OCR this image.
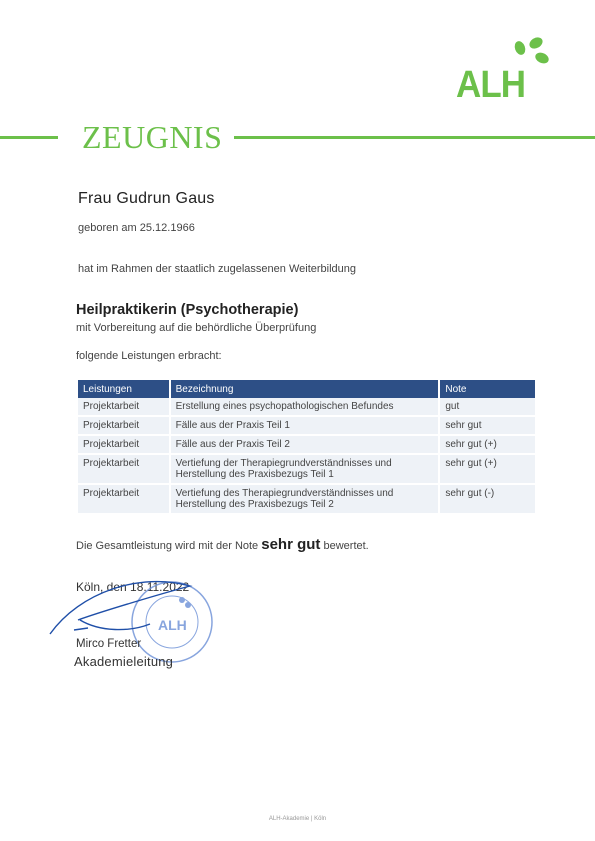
ALH
ZEUGNIS
Frau Gudrun Gaus
geboren am 25.12.1966
hat im Rahmen der staatlich zugelassenen Weiterbildung
Heilpraktikerin (Psychotherapie)
mit Vorbereitung auf die behördliche Überprüfung
folgende Leistungen erbracht:
Leistungen	Bezeichnung	Note
Projektarbeit	Erstellung eines psychopathologischen Befundes	gut
Projektarbeit	Fälle aus der Praxis Teil 1	sehr gut
Projektarbeit	Fälle aus der Praxis Teil 2	sehr gut (+)
Projektarbeit	Vertiefung der Therapiegrundverständnisses und Herstellung des Praxisbezugs Teil 1	sehr gut (+)
Projektarbeit	Vertiefung des Therapiegrundverständnisses und Herstellung des Praxisbezugs Teil 2	sehr gut (-)
Die Gesamtleistung wird mit der Note sehr gut bewertet.
Köln, den 18.11.2022
ALH
Mirco Fretter
Akademieleitung
ALH-Akademie | Köln
